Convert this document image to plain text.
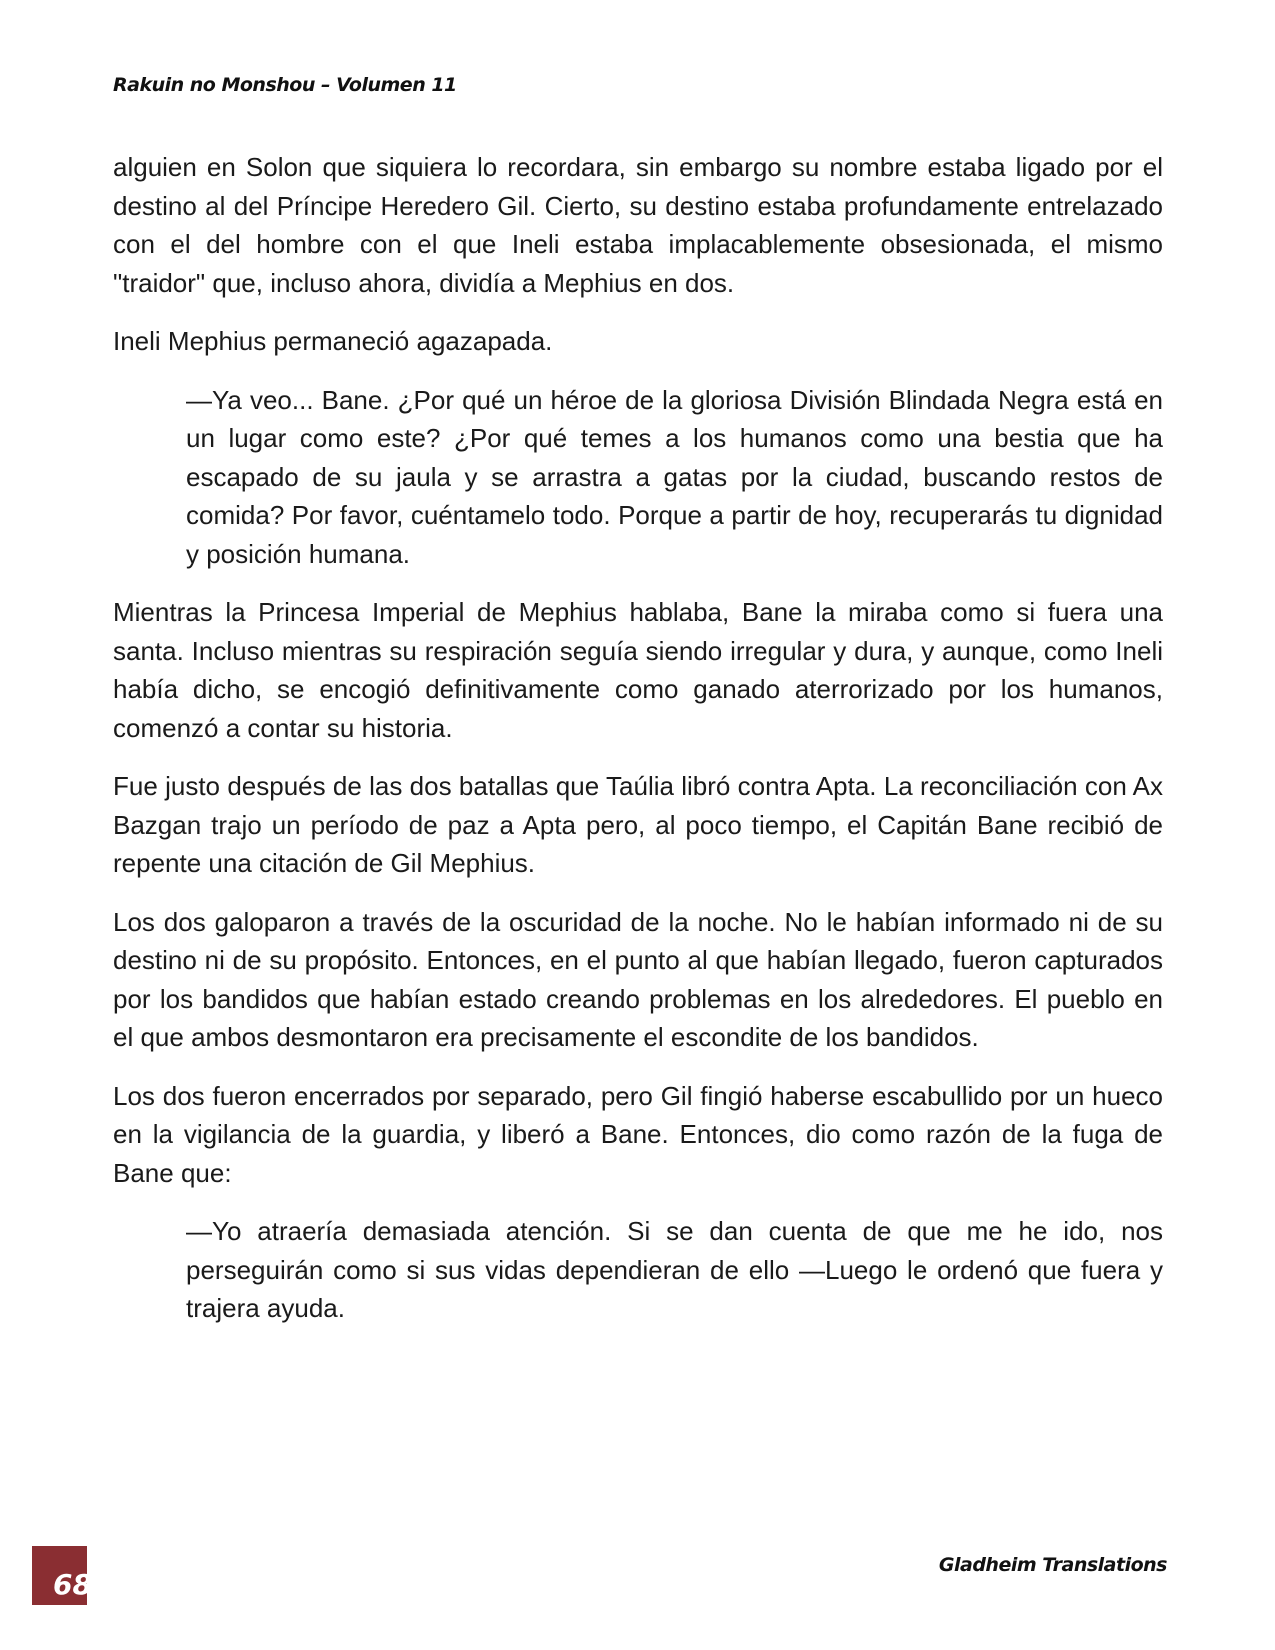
Rakuin no Monshou – Volumen 11

alguien en Solon que siquiera lo recordara, sin embargo su nombre estaba ligado por el destino al del Príncipe Heredero Gil. Cierto, su destino estaba profundamente entrelazado con el del hombre con el que Ineli estaba implacablemente obsesionada, el mismo "traidor" que, incluso ahora, dividía a Mephius en dos.

Ineli Mephius permaneció agazapada.

—Ya veo... Bane. ¿Por qué un héroe de la gloriosa División Blindada Negra está en un lugar como este? ¿Por qué temes a los humanos como una bestia que ha escapado de su jaula y se arrastra a gatas por la ciudad, buscando restos de comida? Por favor, cuéntamelo todo. Porque a partir de hoy, recuperarás tu dignidad y posición humana.

Mientras la Princesa Imperial de Mephius hablaba, Bane la miraba como si fuera una santa. Incluso mientras su respiración seguía siendo irregular y dura, y aunque, como Ineli había dicho, se encogió definitivamente como ganado aterrorizado por los humanos, comenzó a contar su historia.

Fue justo después de las dos batallas que Taúlia libró contra Apta. La reconciliación con Ax Bazgan trajo un período de paz a Apta pero, al poco tiempo, el Capitán Bane recibió de repente una citación de Gil Mephius.

Los dos galoparon a través de la oscuridad de la noche. No le habían informado ni de su destino ni de su propósito. Entonces, en el punto al que habían llegado, fueron capturados por los bandidos que habían estado creando problemas en los alrededores. El pueblo en el que ambos desmontaron era precisamente el escondite de los bandidos.

Los dos fueron encerrados por separado, pero Gil fingió haberse escabullido por un hueco en la vigilancia de la guardia, y liberó a Bane. Entonces, dio como razón de la fuga de Bane que:

—Yo atraería demasiada atención. Si se dan cuenta de que me he ido, nos perseguirán como si sus vidas dependieran de ello —Luego le ordenó que fuera y trajera ayuda.

68
Gladheim Translations
